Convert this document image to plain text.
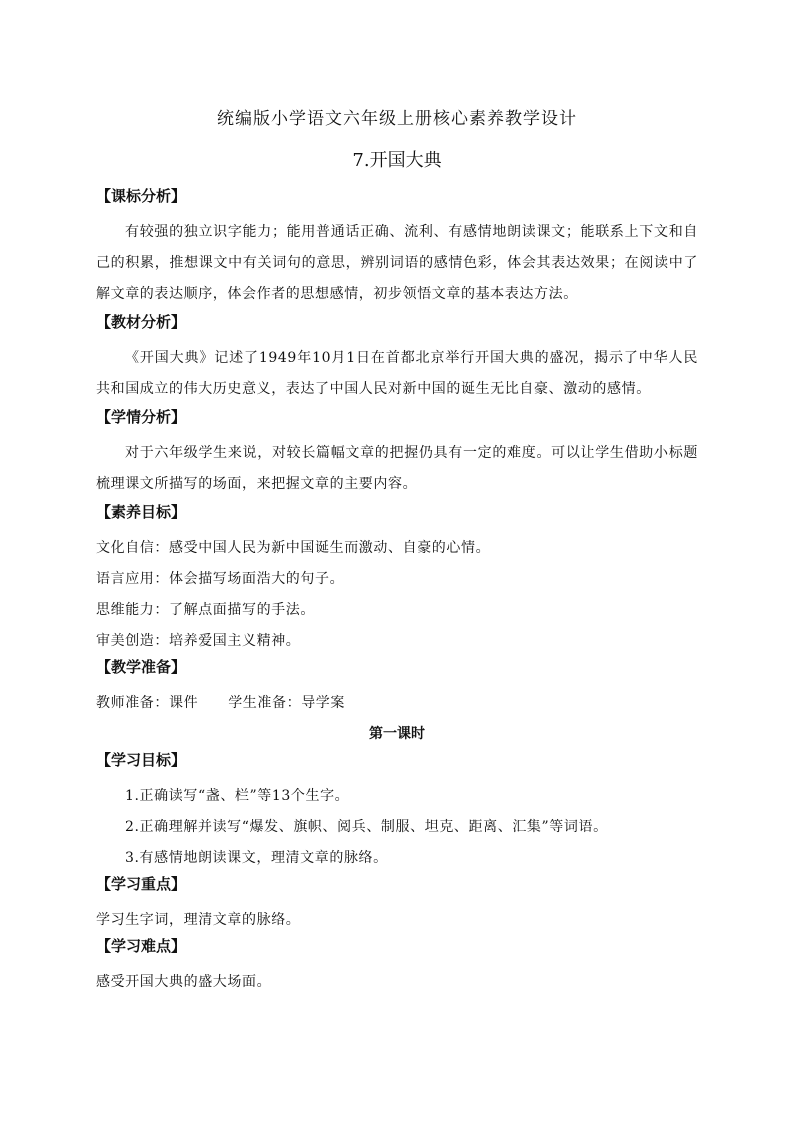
统编版小学语文六年级上册核心素养教学设计
7.开国大典
【课标分析】

有较强的独立识字能力；能用普通话正确、流利、有感情地朗读课文；能联系上下文和自己的积累，推想课文中有关词句的意思，辨别词语的感情色彩，体会其表达效果；在阅读中了解文章的表达顺序，体会作者的思想感情，初步领悟文章的基本表达方法。

【教材分析】

《开国大典》记述了1949年10月1日在首都北京举行开国大典的盛况，揭示了中华人民共和国成立的伟大历史意义，表达了中国人民对新中国的诞生无比自豪、激动的感情。

【学情分析】

对于六年级学生来说，对较长篇幅文章的把握仍具有一定的难度。可以让学生借助小标题梳理课文所描写的场面，来把握文章的主要内容。

【素养目标】
文化自信：感受中国人民为新中国诞生而激动、自豪的心情。
语言应用：体会描写场面浩大的句子。
思维能力：了解点面描写的手法。
审美创造：培养爱国主义精神。
【教学准备】
教师准备：课件 学生准备：导学案
第一课时
【学习目标】
1.正确读写“盏、栏”等13个生字。
2.正确理解并读写“爆发、旗帜、阅兵、制服、坦克、距离、汇集”等词语。
3.有感情地朗读课文，理清文章的脉络。
【学习重点】
学习生字词，理清文章的脉络。
【学习难点】
感受开国大典的盛大场面。
